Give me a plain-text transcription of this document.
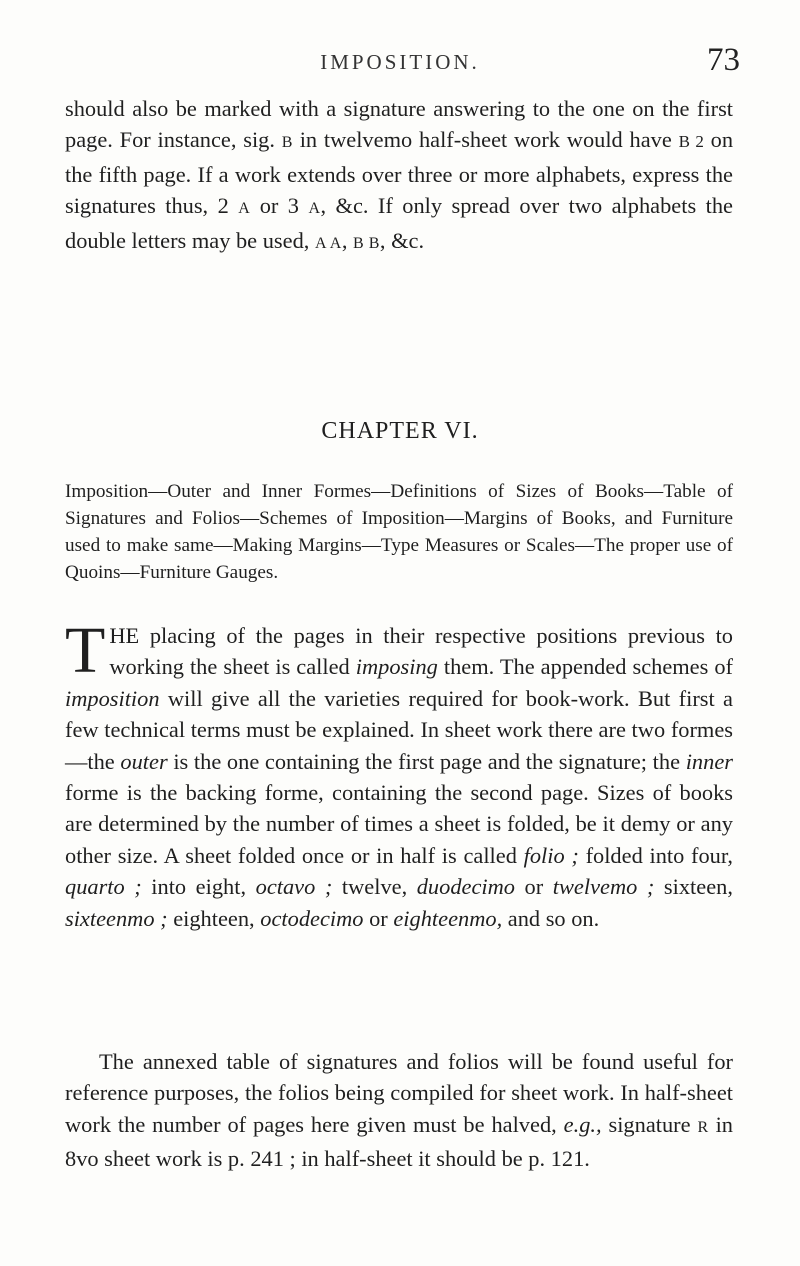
IMPOSITION.	73

should also be marked with a signature answering to the one on the first page. For instance, sig. B in twelvemo half-sheet work would have B 2 on the fifth page. If a work extends over three or more alphabets, express the signatures thus, 2 A or 3 A, &c. If only spread over two alphabets the double letters may be used, A A, B B, &c.

CHAPTER VI.

Imposition—Outer and Inner Formes—Definitions of Sizes of Books—Table of Signatures and Folios—Schemes of Imposition—Margins of Books, and Furniture used to make same—Making Margins—Type Measures or Scales—The proper use of Quoins—Furniture Gauges.

THE placing of the pages in their respective positions previous to working the sheet is called imposing them. The appended schemes of imposition will give all the varieties required for book-work. But first a few technical terms must be explained. In sheet work there are two formes—the outer is the one containing the first page and the signature; the inner forme is the backing forme, containing the second page. Sizes of books are determined by the number of times a sheet is folded, be it demy or any other size. A sheet folded once or in half is called folio ; folded into four, quarto ; into eight, octavo ; twelve, duodecimo or twelvemo ; sixteen, sixteenmo ; eighteen, octodecimo or eighteenmo, and so on.

The annexed table of signatures and folios will be found useful for reference purposes, the folios being compiled for sheet work. In half-sheet work the number of pages here given must be halved, e.g., signature R in 8vo sheet work is p. 241 ; in half-sheet it should be p. 121.
